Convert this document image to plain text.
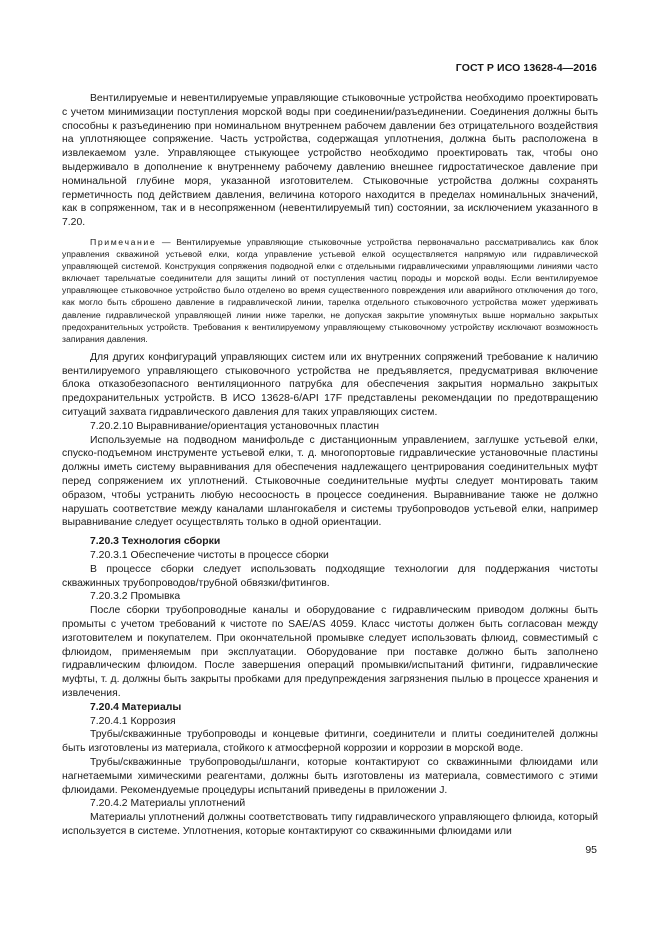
ГОСТ Р ИСО 13628-4—2016

Вентилируемые и невентилируемые управляющие стыковочные устройства необходимо проектировать с учетом минимизации поступления морской воды при соединении/разъединении. Соединения должны быть способны к разъединению при номинальном внутреннем рабочем давлении без отрицательного воздействия на уплотняющее сопряжение. Часть устройства, содержащая уплотнения, должна быть расположена в извлекаемом узле. Управляющее стыкующее устройство необходимо проектировать так, чтобы оно выдерживало в дополнение к внутреннему рабочему давлению внешнее гидростатическое давление при номинальной глубине моря, указанной изготовителем. Стыковочные устройства должны сохранять герметичность под действием давления, величина которого находится в пределах номинальных значений, как в сопряженном, так и в несопряженном (невентилируемый тип) состоянии, за исключением указанного в 7.20.

Примечание — Вентилируемые управляющие стыковочные устройства первоначально рассматривались как блок управления скважиной устьевой елки, когда управление устьевой елкой осуществляется напрямую или гидравлической управляющей системой. Конструкция сопряжения подводной елки с отдельными гидравлическими управляющими линиями часто включает тарельчатые соединители для защиты линий от поступления частиц породы и морской воды. Если вентилируемое управляющее стыковочное устройство было отделено во время существенного повреждения или аварийного отключения до того, как могло быть сброшено давление в гидравлической линии, тарелка отдельного стыковочного устройства может удерживать давление гидравлической управляющей линии ниже тарелки, не допуская закрытие упомянутых выше нормально закрытых предохранительных устройств. Требования к вентилируемому управляющему стыковочному устройству исключают возможность запирания давления.

Для других конфигураций управляющих систем или их внутренних сопряжений требование к наличию вентилируемого управляющего стыковочного устройства не предъявляется, предусматривая включение блока отказобезопасного вентиляционного патрубка для обеспечения закрытия нормально закрытых предохранительных устройств. В ИСО 13628-6/API 17F представлены рекомендации по предотвращению ситуаций захвата гидравлического давления для таких управляющих систем.

7.20.2.10 Выравнивание/ориентация установочных пластин

Используемые на подводном манифольде с дистанционным управлением, заглушке устьевой елки, спуско-подъемном инструменте устьевой елки, т. д. многопортовые гидравлические установочные пластины должны иметь систему выравнивания для обеспечения надлежащего центрирования соединительных муфт перед сопряжением их уплотнений. Стыковочные соединительные муфты следует монтировать таким образом, чтобы устранить любую несоосность в процессе соединения. Выравнивание также не должно нарушать соответствие между каналами шлангокабеля и системы трубопроводов устьевой елки, например выравнивание следует осуществлять только в одной ориентации.

7.20.3 Технология сборки

7.20.3.1 Обеспечение чистоты в процессе сборки

В процессе сборки следует использовать подходящие технологии для поддержания чистоты скважинных трубопроводов/трубной обвязки/фитингов.

7.20.3.2 Промывка

После сборки трубопроводные каналы и оборудование с гидравлическим приводом должны быть промыты с учетом требований к чистоте по SAE/AS 4059. Класс чистоты должен быть согласован между изготовителем и покупателем. При окончательной промывке следует использовать флюид, совместимый с флюидом, применяемым при эксплуатации. Оборудование при поставке должно быть заполнено гидравлическим флюидом. После завершения операций промывки/испытаний фитинги, гидравлические муфты, т. д. должны быть закрыты пробками для предупреждения загрязнения пылью в процессе хранения и извлечения.

7.20.4 Материалы

7.20.4.1 Коррозия

Трубы/скважинные трубопроводы и концевые фитинги, соединители и плиты соединителей должны быть изготовлены из материала, стойкого к атмосферной коррозии и коррозии в морской воде.

Трубы/скважинные трубопроводы/шланги, которые контактируют со скважинными флюидами или нагнетаемыми химическими реагентами, должны быть изготовлены из материала, совместимого с этими флюидами. Рекомендуемые процедуры испытаний приведены в приложении J.

7.20.4.2 Материалы уплотнений

Материалы уплотнений должны соответствовать типу гидравлического управляющего флюида, который используется в системе. Уплотнения, которые контактируют со скважинными флюидами или

95
